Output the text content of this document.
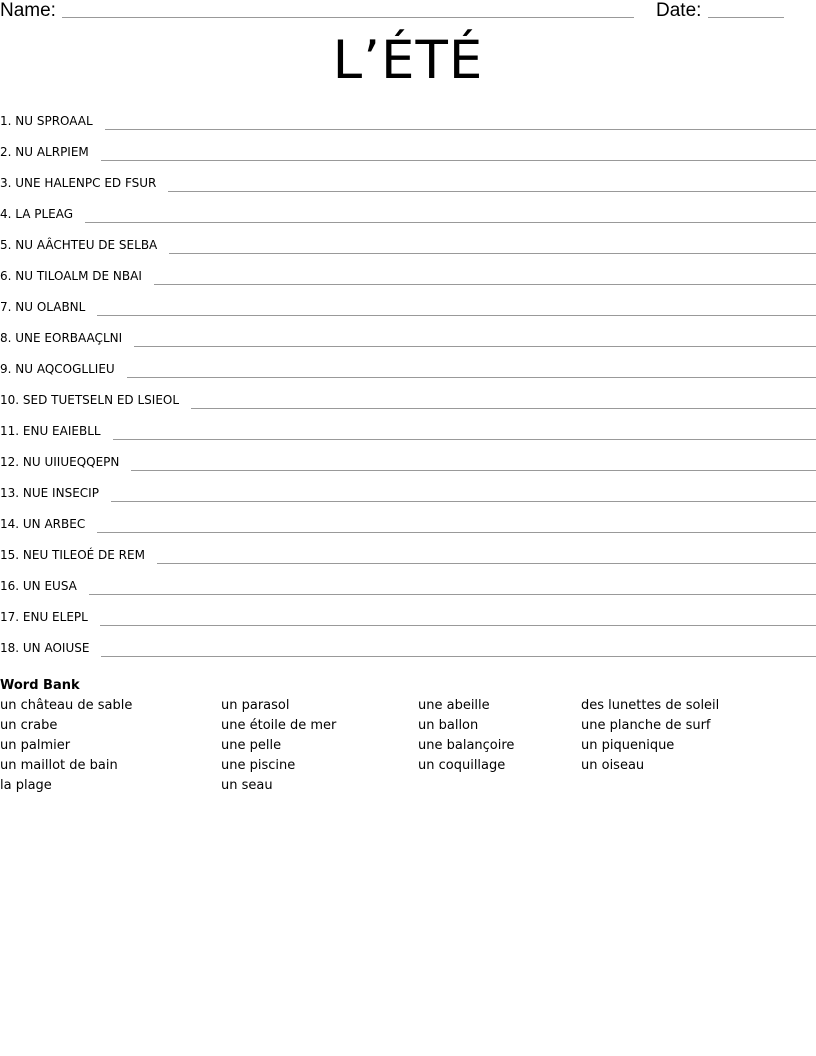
Name:	Date:
L’ÉTÉ
1. NU SPROAAL
2. NU ALRPIEM
3. UNE HALENPC ED FSUR
4. LA PLEAG
5. NU AÂCHTEU DE SELBA
6. NU TILOALM DE NBAI
7. NU OLABNL
8. UNE EORBAAÇLNI
9. NU AQCOGLLIEU
10. SED TUETSELN ED LSIEOL
11. ENU EAIEBLL
12. NU UIIUEQQEPN
13. NUE INSECIP
14. UN ARBEC
15. NEU TILEOÉ DE REM
16. UN EUSA
17. ENU ELEPL
18. UN AOIUSE
Word Bank
un château de sable
un crabe
un palmier
un maillot de bain
la plage
un parasol
une étoile de mer
une pelle
une piscine
un seau
une abeille
un ballon
une balançoire
un coquillage
des lunettes de soleil
une planche de surf
un piquenique
un oiseau
